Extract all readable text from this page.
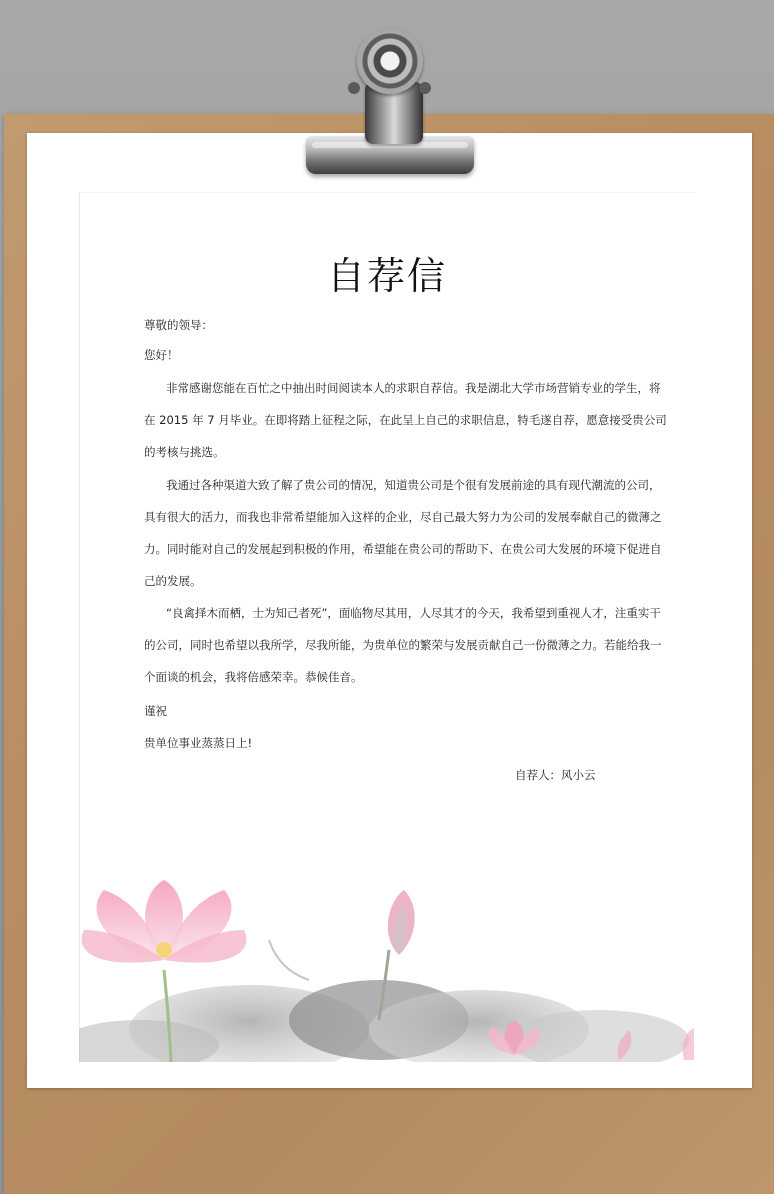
自荐信

尊敬的领导：

您好！

非常感谢您能在百忙之中抽出时间阅读本人的求职自荐信。我是湖北大学市场营销专业的学生，将

在 2015 年 7 月毕业。在即将踏上征程之际，在此呈上自己的求职信息，特毛遂自荐，愿意接受贵公司

的考核与挑选。

我通过各种渠道大致了解了贵公司的情况，知道贵公司是个很有发展前途的具有现代潮流的公司，

具有很大的活力，而我也非常希望能加入这样的企业，尽自己最大努力为公司的发展奉献自己的微薄之

力。同时能对自己的发展起到积极的作用，希望能在贵公司的帮助下、在贵公司大发展的环境下促进自

己的发展。

“良禽择木而栖，士为知己者死”，面临物尽其用，人尽其才的今天，我希望到重视人才，注重实干

的公司，同时也希望以我所学，尽我所能，为贵单位的繁荣与发展贡献自己一份微薄之力。若能给我一

个面谈的机会，我将倍感荣幸。恭候佳音。

谨祝

贵单位事业蒸蒸日上!

自荐人：风小云
